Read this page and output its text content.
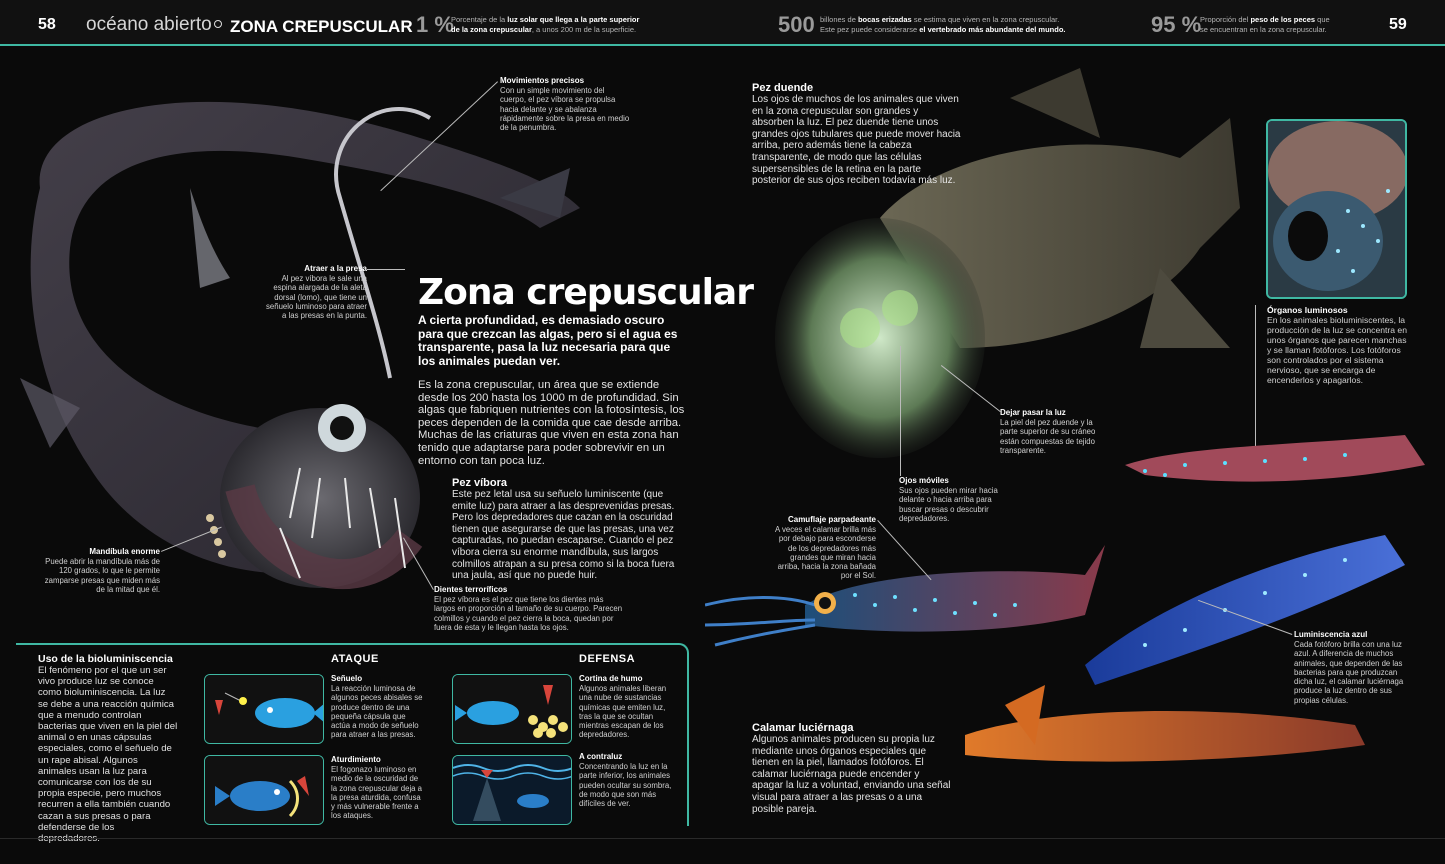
58 océano abierto ZONA CREPUSCULAR 1 %
Porcentaje de la luz solar que llega a la parte superior
de la zona crepuscular, a unos 200 m de la superficie.	500 billones de bocas erizadas se estima que viven en la zona crepuscular.
Este pez puede considerarse el vertebrado más abundante del mundo.	95 %
Proporción del peso de los peces que
se encuentran en la zona crepuscular.	59
Movimientos precisos
Con un simple movimiento del cuerpo, el pez víbora se propulsa hacia delante y se abalanza rápidamente sobre la presa en medio de la penumbra.
Atraer a la presa
Al pez víbora le sale una espina alargada de la aleta dorsal (lomo), que tiene un señuelo luminoso para atraer a las presas en la punta.
Mandíbula enorme
Puede abrir la mandíbula más de 120 grados, lo que le permite zamparse presas que miden más de la mitad que él.	Dientes terroríficos
El pez víbora es el pez que tiene los dientes más largos en proporción al tamaño de su cuerpo. Parecen colmillos y cuando el pez cierra la boca, quedan por fuera de esta y le llegan hasta los ojos.
Zona crepuscular
A cierta profundidad, es demasiado oscuro para que crezcan las algas, pero si el agua es transparente, pasa la luz necesaria para que los animales puedan ver.
Es la zona crepuscular, un área que se extiende desde los 200 hasta los 1000 m de profundidad. Sin algas que fabriquen nutrientes con la fotosíntesis, los peces dependen de la comida que cae desde arriba. Muchas de las criaturas que viven en esta zona han tenido que adaptarse para poder sobrevivir en un entorno con tan poca luz.
Pez víbora
Este pez letal usa su señuelo luminiscente (que emite luz) para atraer a las desprevenidas presas. Pero los depredadores que cazan en la oscuridad tienen que asegurarse de que las presas, una vez capturadas, no puedan escaparse. Cuando el pez víbora cierra su enorme mandíbula, sus largos colmillos atrapan a su presa como si la boca fuera una jaula, así que no puede huir.
Uso de la bioluminiscencia
El fenómeno por el que un ser vivo produce luz se conoce como bioluminiscencia. La luz se debe a una reacción química que a menudo controlan bacterias que viven en la piel del animal o en unas cápsulas especiales, como el señuelo de un rape abisal. Algunos animales usan la luz para comunicarse con los de su propia especie, pero muchos recurren a ella también cuando cazan a sus presas o para defenderse de los depredadores.
ATAQUE	DEFENSA
Señuelo
La reacción luminosa de algunos peces abisales se produce dentro de una pequeña cápsula que actúa a modo de señuelo para atraer a las presas.
Aturdimiento
El fogonazo luminoso en medio de la oscuridad de la zona crepuscular deja a la presa aturdida, confusa y más vulnerable frente a los ataques.
Cortina de humo
Algunos animales liberan una nube de sustancias químicas que emiten luz, tras la que se ocultan mientras escapan de los depredadores.
A contraluz
Concentrando la luz en la parte inferior, los animales pueden ocultar su sombra, de modo que son más difíciles de ver.
Pez duende
Los ojos de muchos de los animales que viven en la zona crepuscular son grandes y absorben la luz. El pez duende tiene unos grandes ojos tubulares que puede mover hacia arriba, pero además tiene la cabeza transparente, de modo que las células supersensibles de la retina en la parte posterior de sus ojos reciben todavía más luz.
Dejar pasar la luz
La piel del pez duende y la parte superior de su cráneo están compuestas de tejido transparente.
Ojos móviles
Sus ojos pueden mirar hacia delante o hacia arriba para buscar presas o descubrir depredadores.
Órganos luminosos
En los animales bioluminiscentes, la producción de la luz se concentra en unos órganos que parecen manchas y se llaman fotóforos. Los fotóforos son controlados por el sistema nervioso, que se encarga de encenderlos y apagarlos.
Camuflaje parpadeante
A veces el calamar brilla más por debajo para esconderse de los depredadores más grandes que miran hacia arriba, hacia la zona bañada por el Sol.
Luminiscencia azul
Cada fotóforo brilla con una luz azul. A diferencia de muchos animales, que dependen de las bacterias para que produzcan dicha luz, el calamar luciérnaga produce la luz dentro de sus propias células.
Calamar luciérnaga
Algunos animales producen su propia luz mediante unos órganos especiales que tienen en la piel, llamados fotóforos. El calamar luciérnaga puede encender y apagar la luz a voluntad, enviando una señal visual para atraer a las presas o a una posible pareja.
